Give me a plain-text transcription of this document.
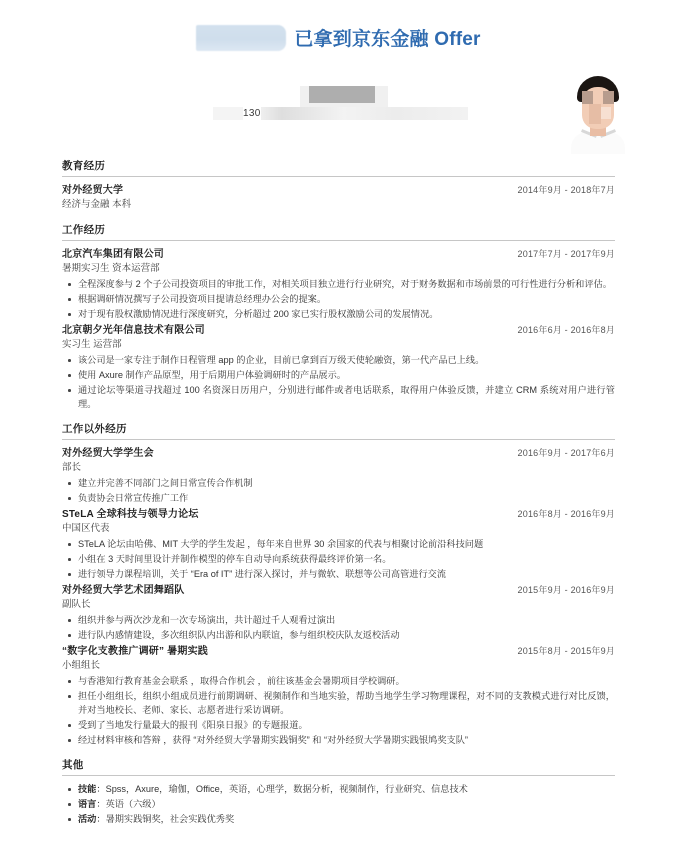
已拿到京东金融 Offer
130
教育经历
对外经贸大学	2014年9月 - 2018年7月
经济与金融 本科
工作经历
北京汽车集团有限公司	2017年7月 - 2017年9月
暑期实习生 资本运营部
全程深度参与 2 个子公司投资项目的审批工作，对相关项目独立进行行业研究，对于财务数据和市场前景的可行性进行分析和评估。
根据调研情况撰写子公司投资项目提请总经理办公会的提案。
对于现有股权激励情况进行深度研究，分析超过 200 家已实行股权激励公司的发展情况。
北京朝夕光年信息技术有限公司	2016年6月 - 2016年8月
实习生 运营部
该公司是一家专注于制作日程管理 app 的企业，目前已拿到百万级天使轮融资，第一代产品已上线。
使用 Axure 制作产品原型，用于后期用户体验调研时的产品展示。
通过论坛等渠道寻找超过 100 名资深日历用户，分别进行邮件或者电话联系，取得用户体验反馈，并建立 CRM 系统对用户进行管理。
工作以外经历
对外经贸大学学生会	2016年9月 - 2017年6月
部长
建立并完善不同部门之间日常宣传合作机制
负责协会日常宣传推广工作
STeLA 全球科技与领导力论坛	2016年8月 - 2016年9月
中国区代表
STeLA 论坛由哈佛、MIT 大学的学生发起 ，每年来自世界 30 余国家的代表与相聚讨论前沿科技问题
小组在 3 天时间里设计并制作模型的停车自动导向系统获得最终评价第一名。
进行领导力课程培训，关于 “Era of IT” 进行深入探讨，并与微软、联想等公司高管进行交流
对外经贸大学艺术团舞蹈队	2015年9月 - 2016年9月
副队长
组织并参与两次沙龙和一次专场演出，共计超过千人观看过演出
进行队内感情建设，多次组织队内出游和队内联谊，参与组织校庆队友返校活动
“数字化支教推广调研” 暑期实践	2015年8月 - 2015年9月
小组组长
与香港知行教育基金会联系 ，取得合作机会 ，前往该基金会暑期项目学校调研。
担任小组组长，组织小组成员进行前期调研、视频制作和当地实验，帮助当地学生学习物理课程，对不同的支教模式进行对比反馈，并对当地校长、老师、家长、志愿者进行采访调研。
受到了当地发行量最大的报刊《阳泉日报》的专题报道。
经过材料审核和答辩 ，获得 “对外经贸大学暑期实践铜奖” 和 “对外经贸大学暑期实践银鸠奖支队”
其他
技能：Spss，Axure，瑜伽，Office，英语，心理学，数据分析，视频制作，行业研究、信息技术
语言：英语（六级）
活动：暑期实践铜奖，社会实践优秀奖
